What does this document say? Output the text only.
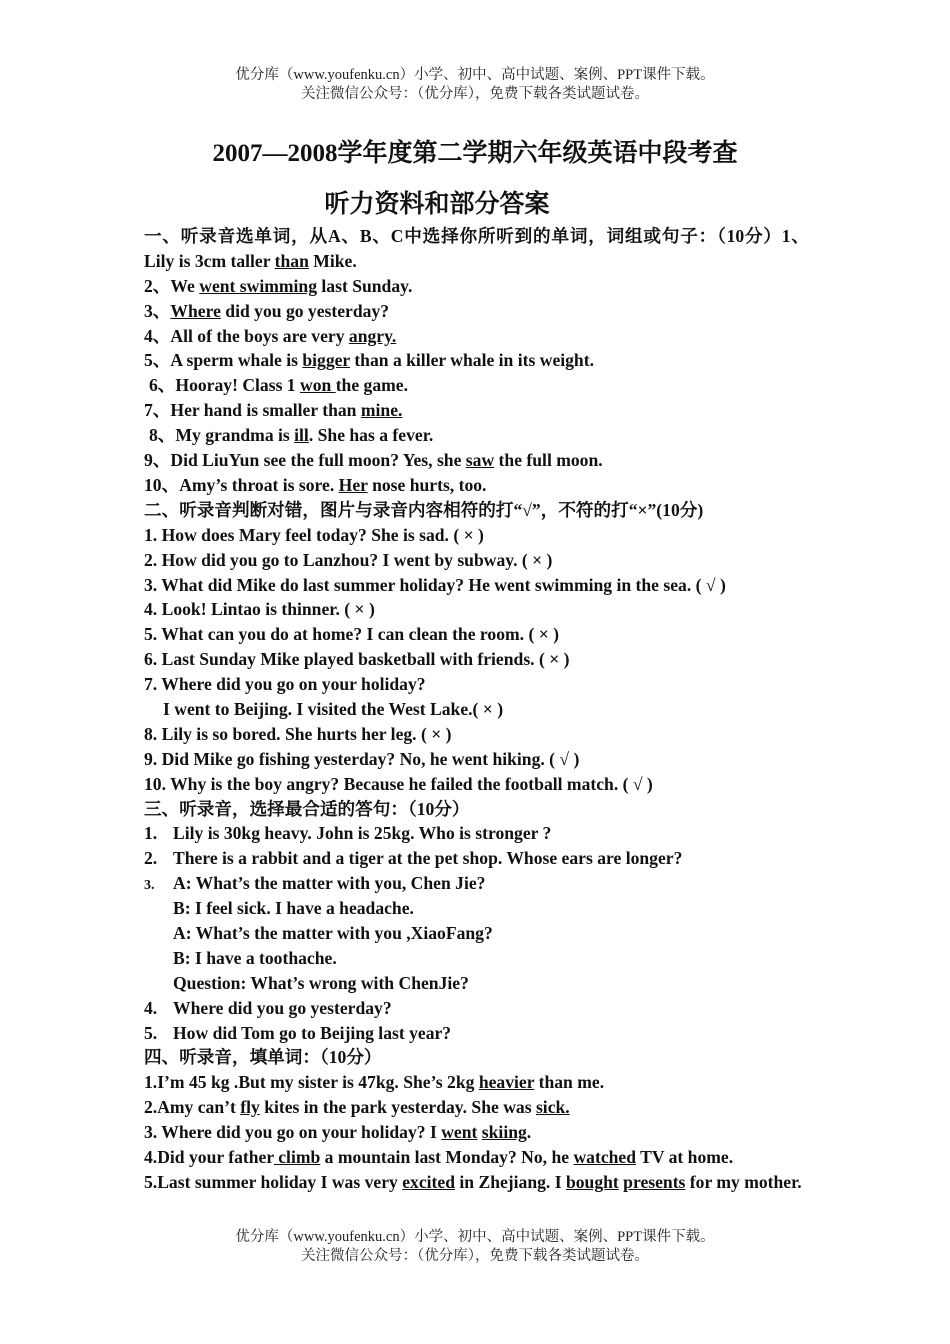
优分库（www.youfenku.cn）小学、初中、高中试题、案例、PPT课件下载。
关注微信公众号：（优分库），免费下载各类试题试卷。
2007—2008学年度第二学期六年级英语中段考查
听力资料和部分答案
一、听录音选单词，从A、B、C中选择你所听到的单词，词组或句子：（10分）1、Lily is 3cm taller than Mike.
2、We went swimming last Sunday.
3、Where did you go yesterday?
4、All of the boys are very angry.
5、A sperm whale is bigger than a killer whale in its weight.
6、Hooray! Class 1 won the game.
7、Her hand is smaller than mine.
8、My grandma is ill. She has a fever.
9、Did LiuYun see the full moon? Yes, she saw the full moon.
10、Amy’s throat is sore. Her nose hurts, too.
二、听录音判断对错，图片与录音内容相符的打“√”，不符的打“×”(10分)
1. How does Mary feel today? She is sad. ( × )
2. How did you go to Lanzhou? I went by subway. ( × )
3. What did Mike do last summer holiday? He went swimming in the sea. ( √ )
4. Look! Lintao is thinner. ( × )
5. What can you do at home? I can clean the room. ( × )
6. Last Sunday Mike played basketball with friends. ( × )
7. Where did you go on your holiday?
I went to Beijing. I visited the West Lake.( × )
8. Lily is so bored. She hurts her leg. ( × )
9. Did Mike go fishing yesterday? No, he went hiking. ( √ )
10. Why is the boy angry? Because he failed the football match. ( √ )
三、听录音，选择最合适的答句：（10分）
1. Lily is 30kg heavy. John is 25kg. Who is stronger ?
2. There is a rabbit and a tiger at the pet shop. Whose ears are longer?
3. A: What’s the matter with you, Chen Jie?
B: I feel sick. I have a headache.
A: What’s the matter with you ,XiaoFang?
B: I have a toothache.
Question: What’s wrong with ChenJie?
4. Where did you go yesterday?
5. How did Tom go to Beijing last year?
四、听录音，填单词：（10分）
1.I’m 45 kg .But my sister is 47kg. She’s 2kg heavier than me.
2.Amy can’t fly kites in the park yesterday. She was sick.
3. Where did you go on your holiday? I went skiing.
4.Did your father climb a mountain last Monday? No, he watched TV at home.
5.Last summer holiday I was very excited in Zhejiang. I bought presents for my mother.
优分库（www.youfenku.cn）小学、初中、高中试题、案例、PPT课件下载。
关注微信公众号：（优分库），免费下载各类试题试卷。
